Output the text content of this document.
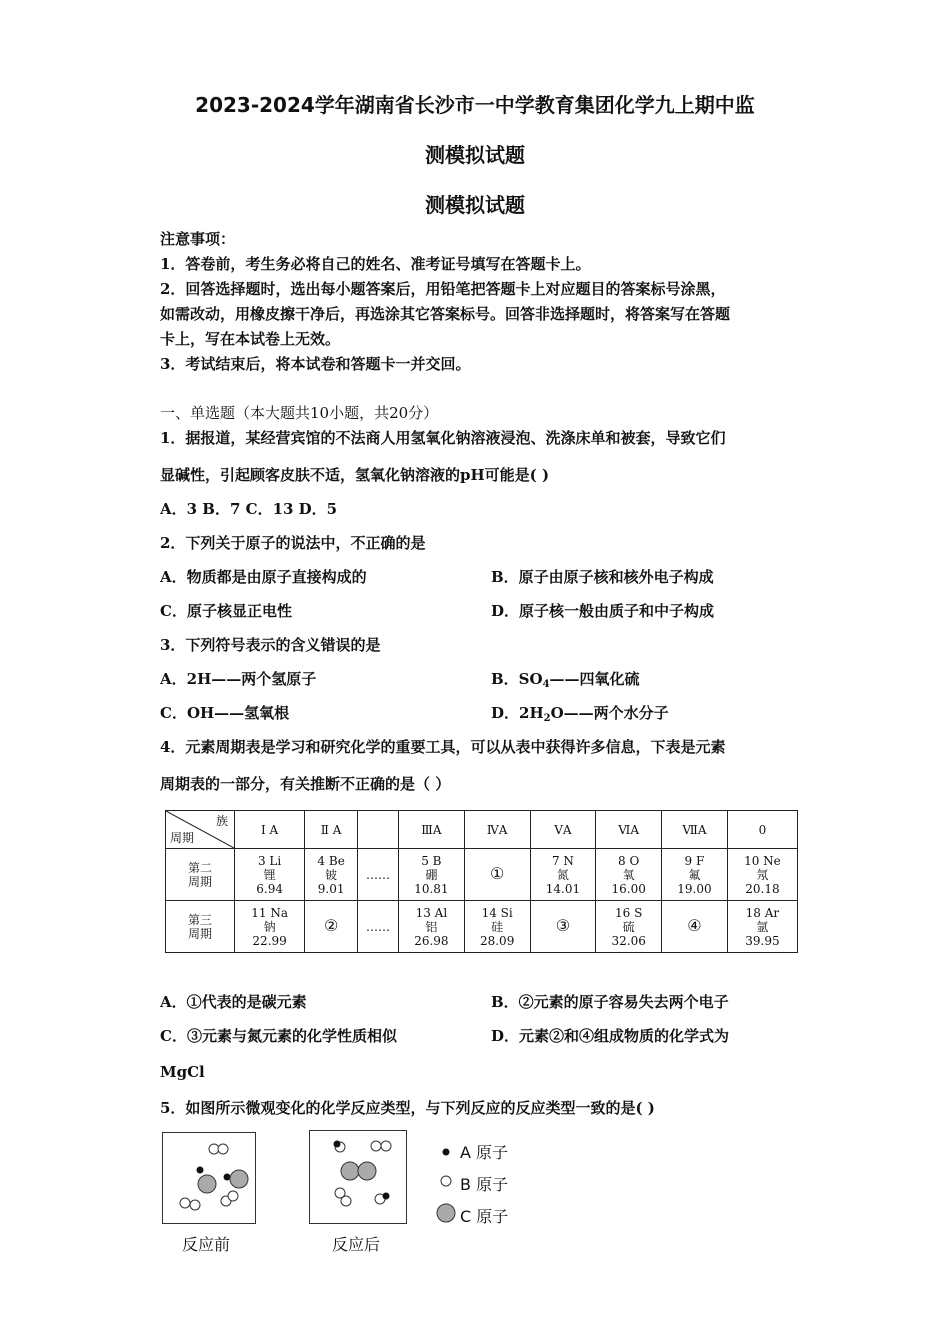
2023-2024学年湖南省长沙市一中学教育集团化学九上期中监
测模拟试题
测模拟试题
注意事项：
1．答卷前，考生务必将自己的姓名、准考证号填写在答题卡上。
2．回答选择题时，选出每小题答案后，用铅笔把答题卡上对应题目的答案标号涂黑，
如需改动，用橡皮擦干净后，再选涂其它答案标号。回答非选择题时，将答案写在答题
卡上，写在本试卷上无效。
3．考试结束后，将本试卷和答题卡一并交回。
一、单选题（本大题共10小题，共20分）
1．据报道，某经营宾馆的不法商人用氢氧化钠溶液浸泡、洗涤床单和被套，导致它们
显碱性，引起顾客皮肤不适，氢氧化钠溶液的pH可能是( )
A．3 B．7 C．13 D．5
2．下列关于原子的说法中，不正确的是
A．物质都是由原子直接构成的	B．原子由原子核和核外电子构成
C．原子核显正电性	D．原子核一般由质子和中子构成
3．下列符号表示的含义错误的是
A．2H——两个氢原子	B．$SO_4——$四氧化硫
C．OH——氢氧根	D．$2H_2O——$两个水分子
4．元素周期表是学习和研究化学的重要工具，可以从表中获得许多信息，下表是元素
周期表的一部分，有关推断不正确的是（ ）
族
周期	Ⅰ A	Ⅱ A		ⅢA	ⅣA	ⅤA	ⅥA	ⅦA	0
第二
周期	3 Li
锂
6.94	4 Be
铍
9.01	……	5 B
硼
10.81	①	7 N
氮
14.01	8 O
氧
16.00	9 F
氟
19.00	10 Ne
氖
20.18
第三
周期	11 Na
钠
22.99	②	……	13 Al
铝
26.98	14 Si
硅
28.09	③	16 S
硫
32.06	④	18 Ar
氩
39.95
A．①代表的是碳元素	B．②元素的原子容易失去两个电子
C．③元素与氮元素的化学性质相似	D．元素②和④组成物质的化学式为
MgCl
5．如图所示微观变化的化学反应类型，与下列反应的反应类型一致的是( )
反应前	反应后
A 原子
B 原子
C 原子
